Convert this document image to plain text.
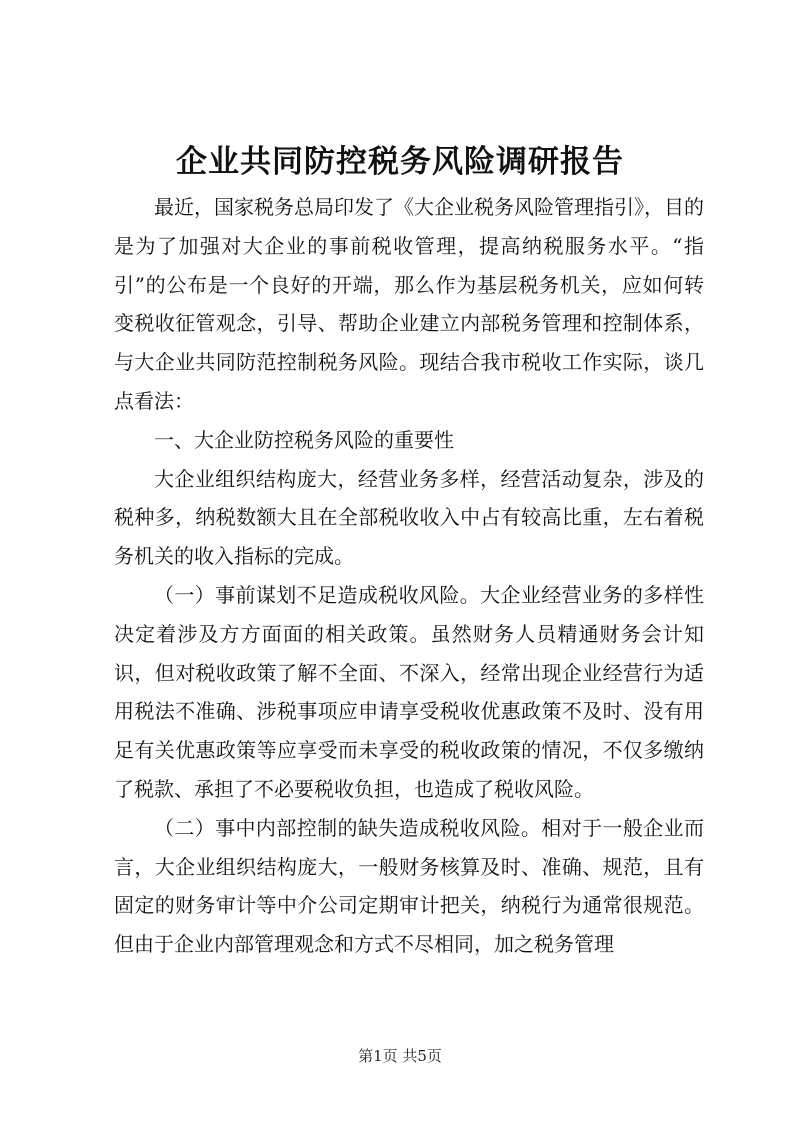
企业共同防控税务风险调研报告

最近，国家税务总局印发了《大企业税务风险管理指引》，目的是为了加强对大企业的事前税收管理，提高纳税服务水平。“指引”的公布是一个良好的开端，那么作为基层税务机关，应如何转变税收征管观念，引导、帮助企业建立内部税务管理和控制体系，与大企业共同防范控制税务风险。现结合我市税收工作实际，谈几点看法：

一、大企业防控税务风险的重要性

大企业组织结构庞大，经营业务多样，经营活动复杂，涉及的税种多，纳税数额大且在全部税收收入中占有较高比重，左右着税务机关的收入指标的完成。

（一）事前谋划不足造成税收风险。大企业经营业务的多样性决定着涉及方方面面的相关政策。虽然财务人员精通财务会计知识，但对税收政策了解不全面、不深入，经常出现企业经营行为适用税法不准确、涉税事项应申请享受税收优惠政策不及时、没有用足有关优惠政策等应享受而未享受的税收政策的情况，不仅多缴纳了税款、承担了不必要税收负担，也造成了税收风险。

（二）事中内部控制的缺失造成税收风险。相对于一般企业而言，大企业组织结构庞大，一般财务核算及时、准确、规范，且有固定的财务审计等中介公司定期审计把关，纳税行为通常很规范。但由于企业内部管理观念和方式不尽相同，加之税务管理

第1页 共5页
